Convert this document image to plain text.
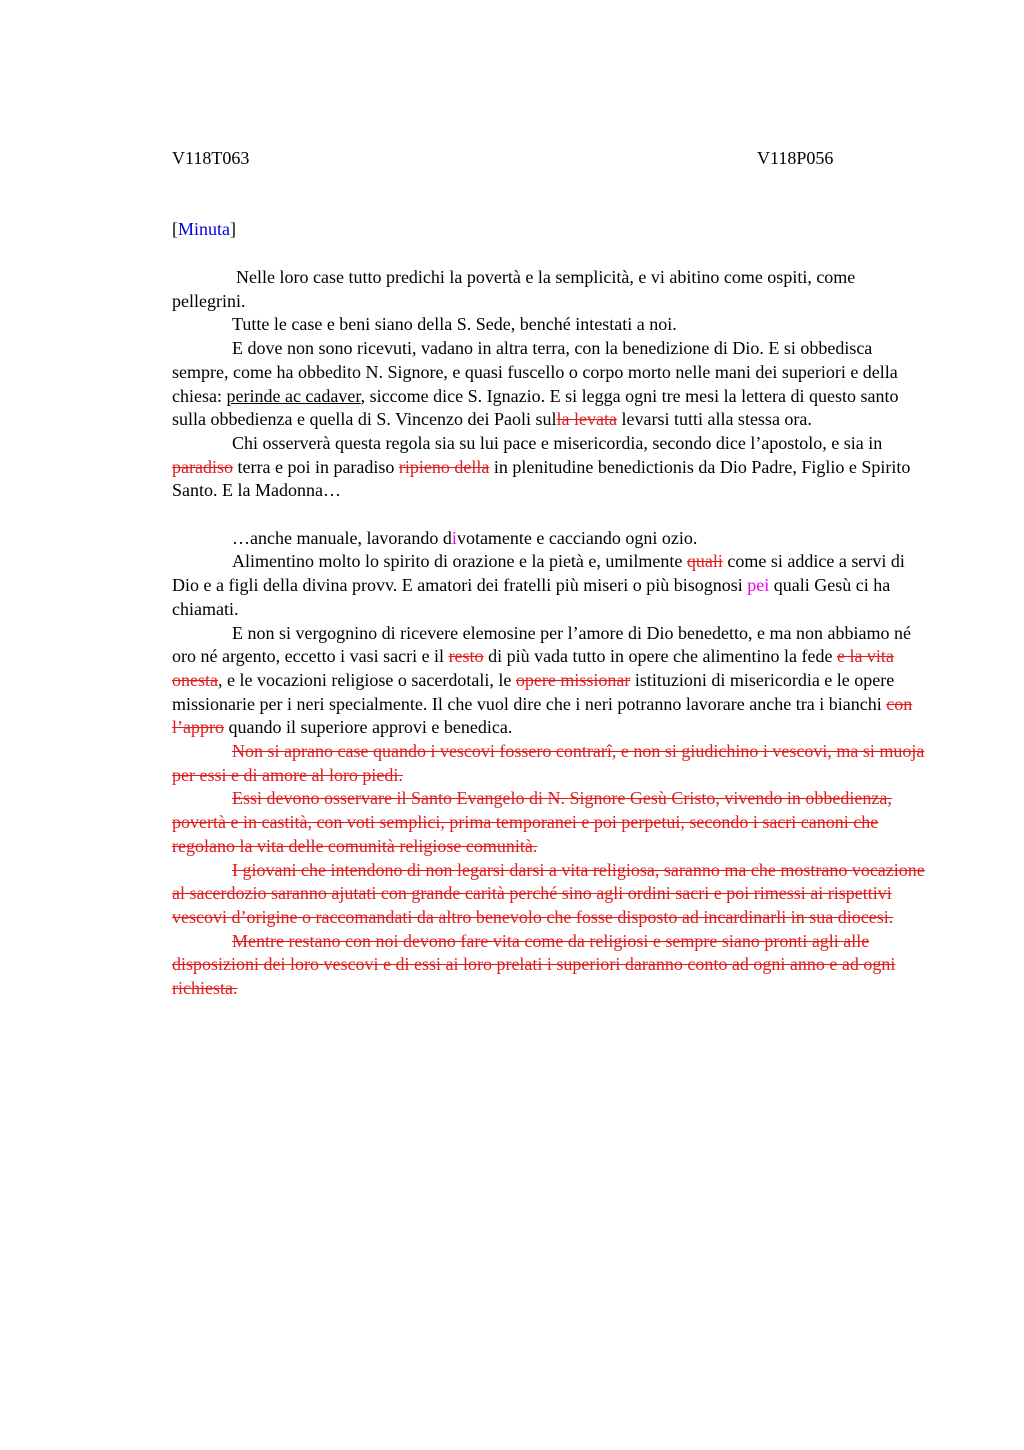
V118T063	V118P056
[Minuta]

Nelle loro case tutto predichi la povertà e la semplicità, e vi abitino come ospiti, come pellegrini.

Tutte le case e beni siano della S. Sede, benché intestati a noi.

E dove non sono ricevuti, vadano in altra terra, con la benedizione di Dio. E si obbedisca sempre, come ha obbedito N. Signore, e quasi fuscello o corpo morto nelle mani dei superiori e della chiesa: perinde ac cadaver, siccome dice S. Ignazio. E si legga ogni tre mesi la lettera di questo santo sulla obbedienza e quella di S. Vincenzo dei Paoli sulla levata levarsi tutti alla stessa ora.

Chi osserverà questa regola sia su lui pace e misericordia, secondo dice l’apostolo, e sia in paradiso terra e poi in paradiso ripieno della in plenitudine benedictionis da Dio Padre, Figlio e Spirito Santo. E la Madonna…

…anche manuale, lavorando divotamente e cacciando ogni ozio.

Alimentino molto lo spirito di orazione e la pietà e, umilmente quali come si addice a servi di Dio e a figli della divina provv. E amatori dei fratelli più miseri o più bisognosi pei quali Gesù ci ha chiamati.

E non si vergognino di ricevere elemosine per l’amore di Dio benedetto, e ma non abbiamo né oro né argento, eccetto i vasi sacri e il resto di più vada tutto in opere che alimentino la fede e la vita onesta, e le vocazioni religiose o sacerdotali, le opere missionar istituzioni di misericordia e le opere missionarie per i neri specialmente. Il che vuol dire che i neri potranno lavorare anche tra i bianchi con l’appro quando il superiore approvi e benedica.

Non si aprano case quando i vescovi fossero contrarî, e non si giudichino i vescovi, ma si muoja per essi e di amore al loro piedi.

Essi devono osservare il Santo Evangelo di N. Signore Gesù Cristo, vivendo in obbedienza, povertà e in castità, con voti semplici, prima temporanei e poi perpetui, secondo i sacri canoni che regolano la vita delle comunità religiose comunità.

I giovani che intendono di non legarsi darsi a vita religiosa, saranno ma che mostrano vocazione al sacerdozio saranno ajutati con grande carità perché sino agli ordini sacri e poi rimessi ai rispettivi vescovi d’origine o raccomandati da altro benevolo che fosse disposto ad incardinarli in sua diocesi.

Mentre restano con noi devono fare vita come da religiosi e sempre siano pronti agli alle disposizioni dei loro vescovi e di essi ai loro prelati i superiori daranno conto ad ogni anno e ad ogni richiesta.
